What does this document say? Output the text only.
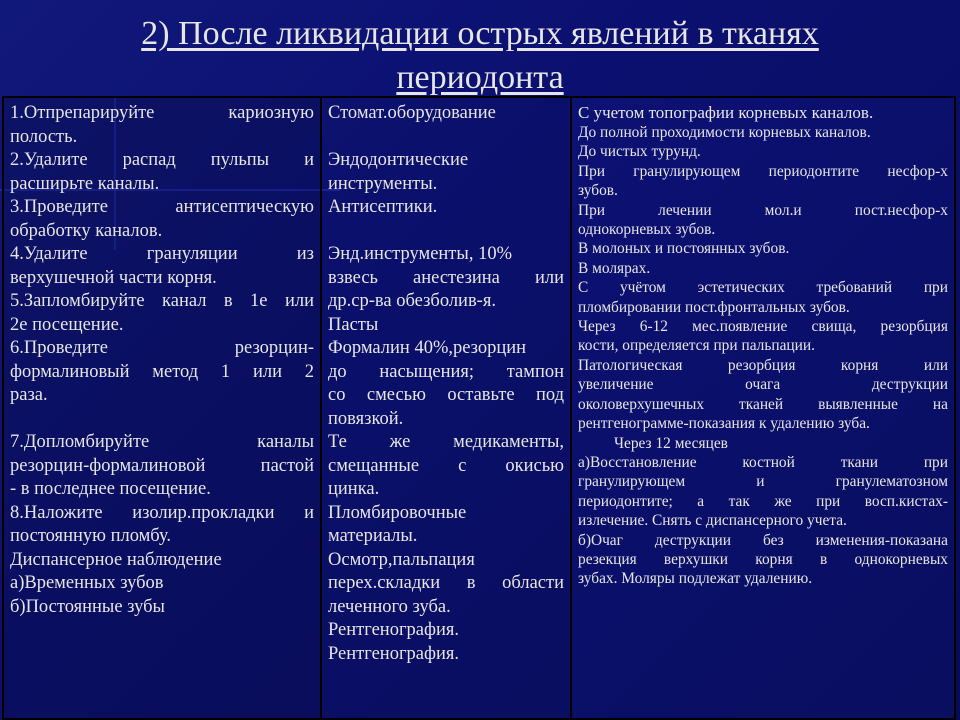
2) После ликвидации острых явлений в тканях
периодонта
1.Отпрепарируйте кариозную
полость.
2.Удалите распад пульпы и
расширьте каналы.
3.Проведите антисептическую
обработку каналов.
4.Удалите грануляции из
верхушечной части корня.
5.Запломбируйте канал в 1е или
2е посещение.
6.Проведите резорцин-
формалиновый метод 1 или 2
раза.
7.Допломбируйте каналы
резорцин-формалиновой пастой
- в последнее посещение.
8.Наложите изолир.прокладки и
постоянную пломбу.
Диспансерное наблюдение
а)Временных зубов
б)Постоянные зубы

Стомат.оборудование
Эндодонтические
инструменты.
Антисептики.
Энд.инструменты, 10%
взвесь анестезина или
др.ср-ва обезболив-я.
Пасты
Формалин 40%,резорцин
до насыщения; тампон
со смесью оставьте под
повязкой.
Те же медикаменты,
смещанные с окисью
цинка.
Пломбировочные
материалы.
Осмотр,пальпация
перех.складки в области
леченного зуба.
Рентгенография.
Рентгенография.

С учетом топографии корневых каналов.
До полной проходимости корневых каналов.
До чистых турунд.
При гранулирующем периодонтите несфор-х
зубов.
При лечении мол.и пост.несфор-х
однокорневых зубов.
В молоных и постоянных зубов.
В молярах.
С учётом эстетических требований при
пломбировании пост.фронтальных зубов.
Через 6-12 мес.появление свища, резорбция
кости, определяется при пальпации.
Патологическая резорбция корня или
увеличение очага деструкции
околоверхушечных тканей выявленные на
рентгенограмме-показания к удалению зуба.
Через 12 месяцев
а)Восстановление костной ткани при
гранулирующем и гранулематозном
периодонтите; а так же при восп.кистах-
излечение. Снять с диспансерного учета.
б)Очаг деструкции без изменения-показана
резекция верхушки корня в однокорневых
зубах. Моляры подлежат удалению.
